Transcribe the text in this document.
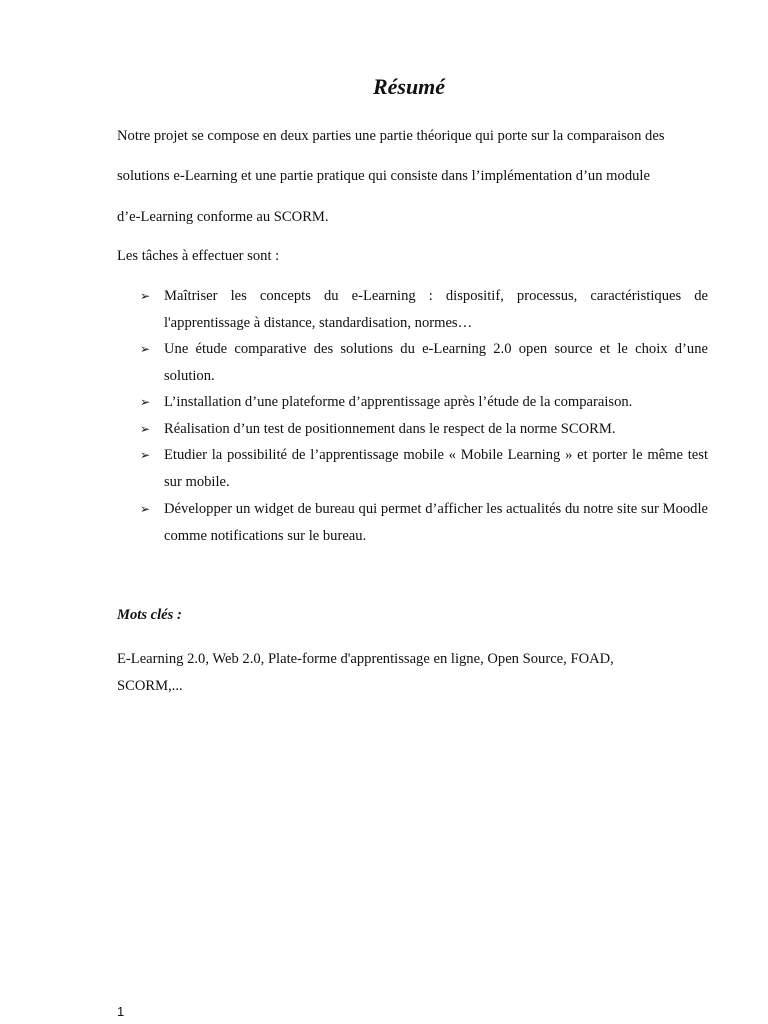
Résumé

Notre projet se compose en deux parties une partie théorique qui porte sur la comparaison des

solutions e-Learning et une partie pratique qui consiste dans l’implémentation d’un module

d’e-Learning conforme au SCORM.

Les tâches à effectuer sont :

➢ Maîtriser les concepts du e-Learning : dispositif, processus, caractéristiques de l'apprentissage à distance, standardisation, normes…
➢ Une étude comparative des solutions du e-Learning 2.0 open source et le choix d’une solution.
➢ L’installation d’une plateforme d’apprentissage après l’étude de la comparaison.
➢ Réalisation d’un test de positionnement dans le respect de la norme SCORM.
➢ Etudier la possibilité de l’apprentissage mobile « Mobile Learning » et porter le même test sur mobile.
➢ Développer un widget de bureau qui permet d’afficher les actualités du notre site sur Moodle comme notifications sur le bureau.

Mots clés :

E-Learning 2.0, Web 2.0, Plate-forme d'apprentissage en ligne, Open Source, FOAD, SCORM,...

1
